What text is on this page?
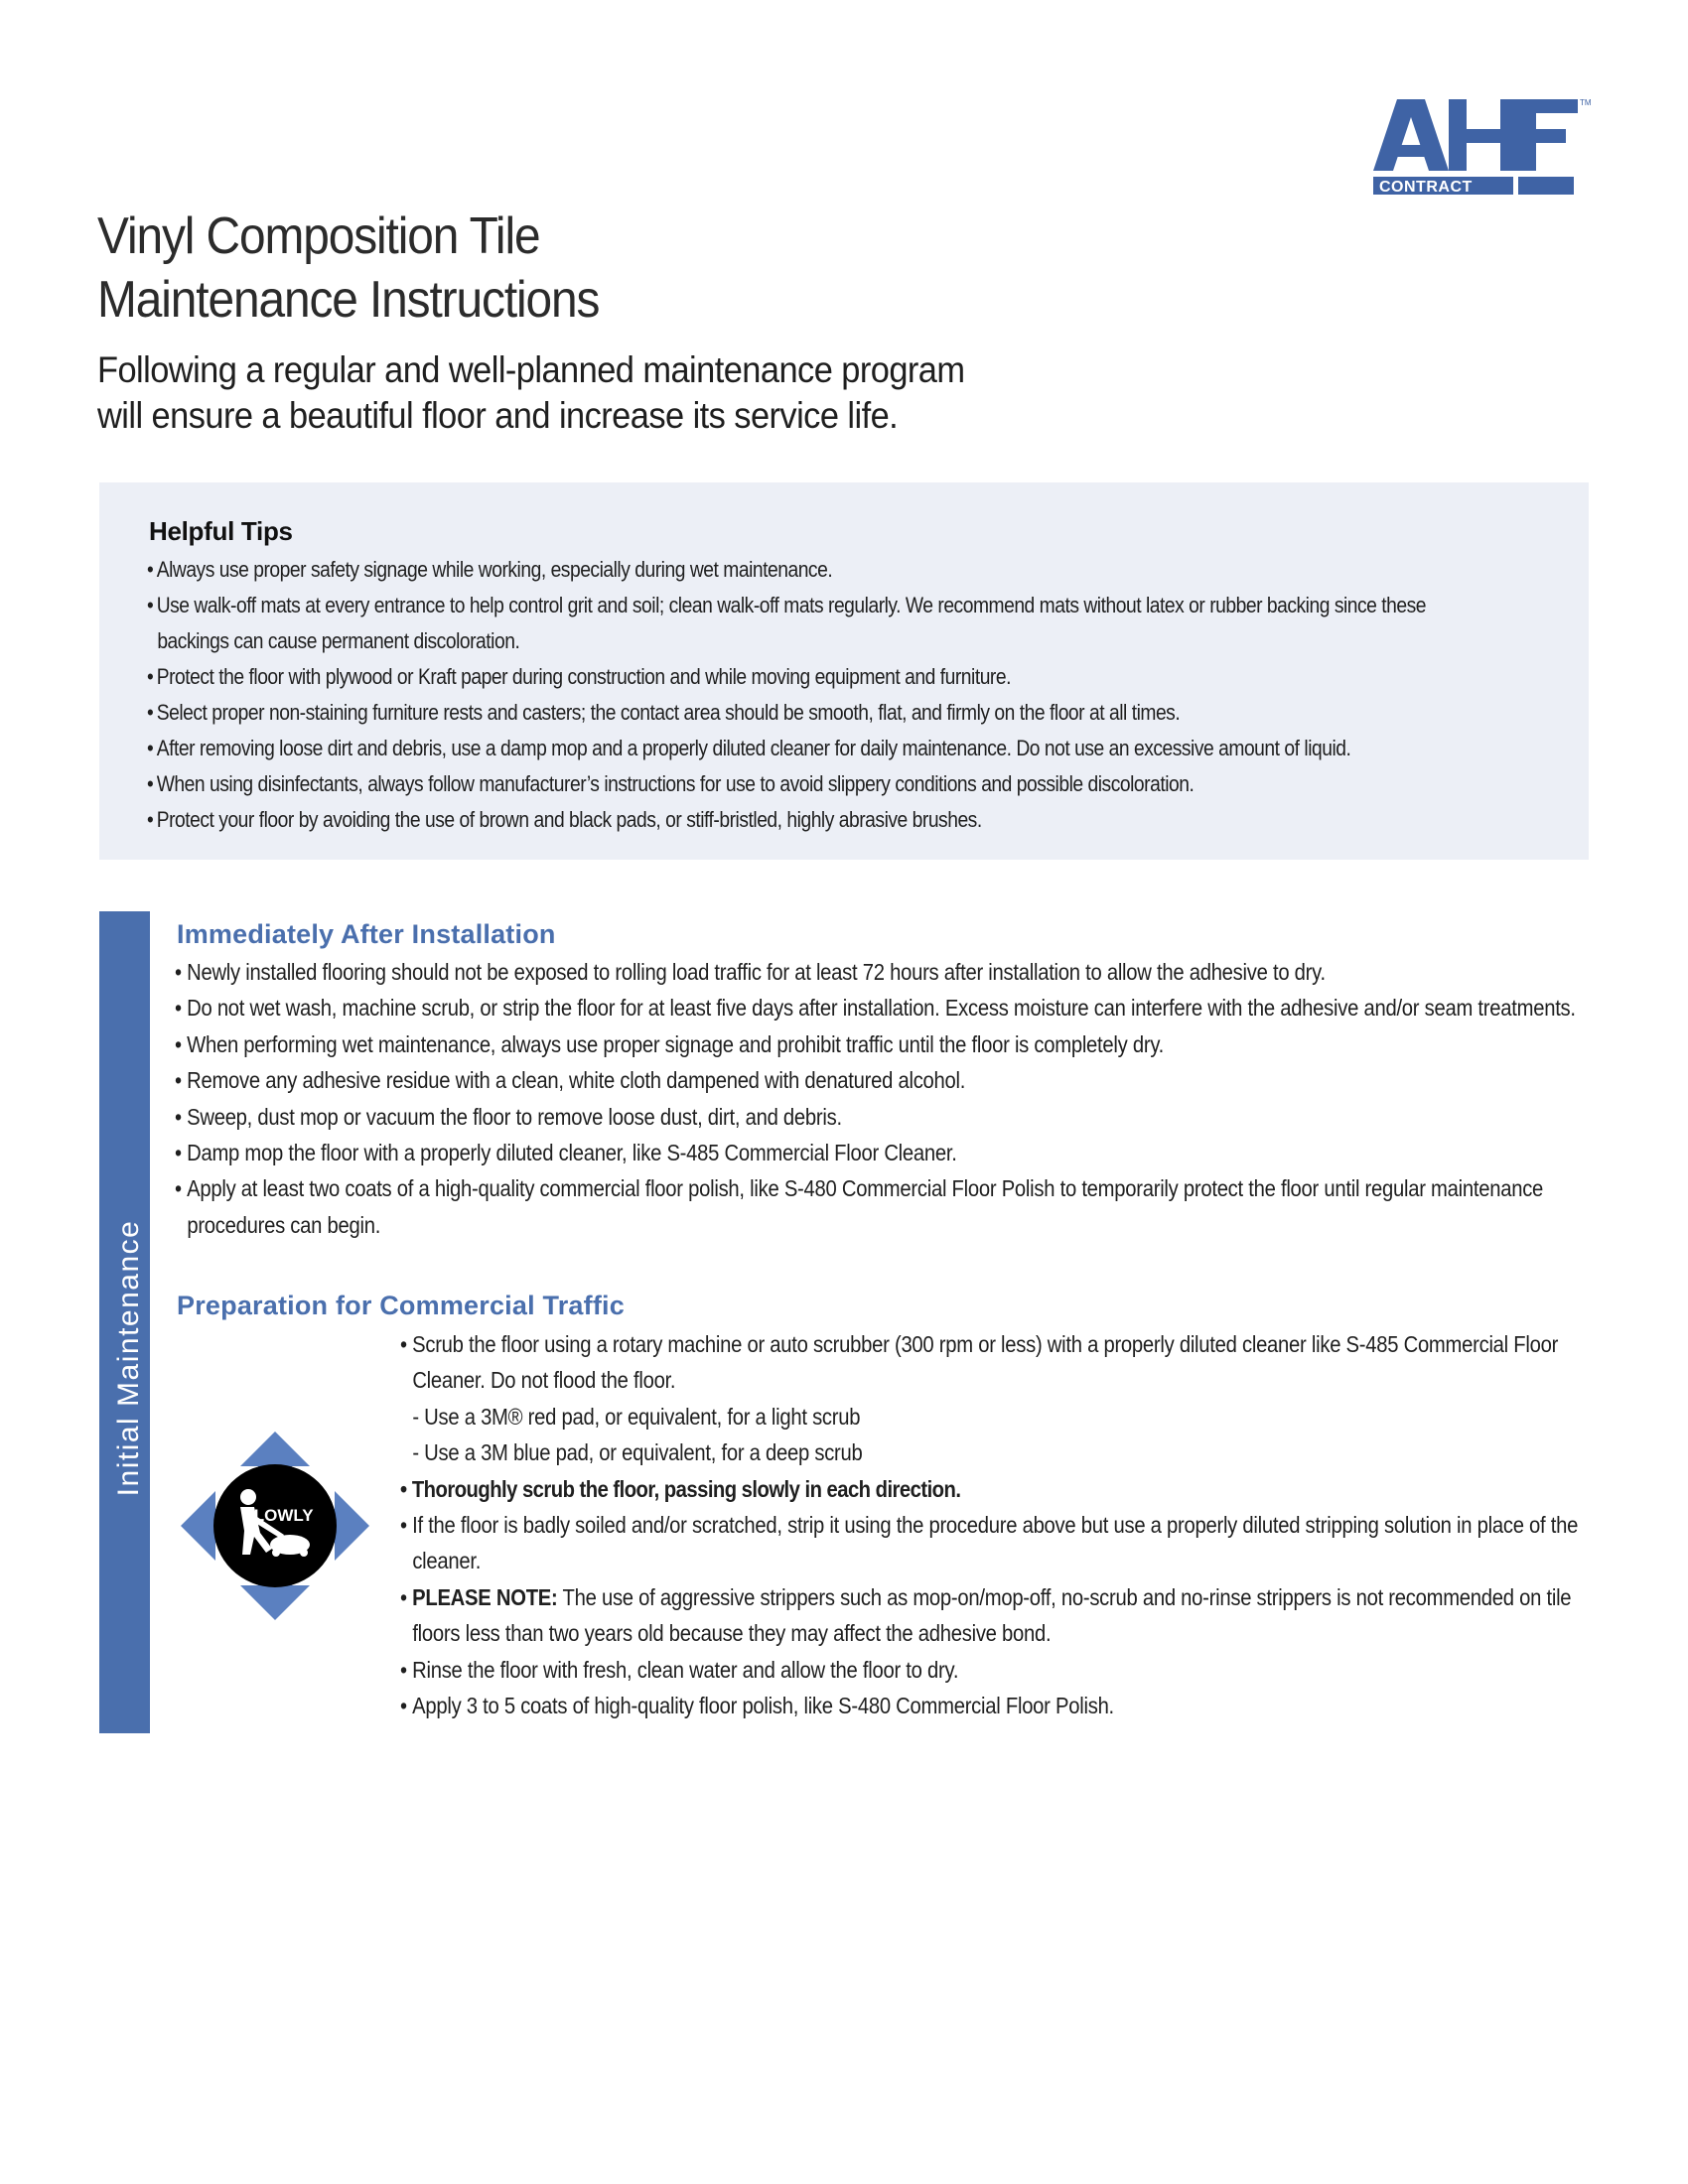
CONTRACT
TM
Vinyl Composition Tile
Maintenance Instructions
Following a regular and well-planned maintenance program
will ensure a beautiful floor and increase its service life.
Helpful Tips
• Always use proper safety signage while working, especially during wet maintenance.
• Use walk-off mats at every entrance to help control grit and soil; clean walk-off mats regularly. We recommend mats without latex or rubber backing since these backings can cause permanent discoloration.
• Protect the floor with plywood or Kraft paper during construction and while moving equipment and furniture.
• Select proper non-staining furniture rests and casters; the contact area should be smooth, flat, and firmly on the floor at all times.
• After removing loose dirt and debris, use a damp mop and a properly diluted cleaner for daily maintenance. Do not use an excessive amount of liquid.
• When using disinfectants, always follow manufacturer’s instructions for use to avoid slippery conditions and possible discoloration.
• Protect your floor by avoiding the use of brown and black pads, or stiff-bristled, highly abrasive brushes.
Initial Maintenance
Immediately After Installation
• Newly installed flooring should not be exposed to rolling load traffic for at least 72 hours after installation to allow the adhesive to dry.
• Do not wet wash, machine scrub, or strip the floor for at least five days after installation. Excess moisture can interfere with the adhesive and/or seam treatments.
• When performing wet maintenance, always use proper signage and prohibit traffic until the floor is completely dry.
• Remove any adhesive residue with a clean, white cloth dampened with denatured alcohol.
• Sweep, dust mop or vacuum the floor to remove loose dust, dirt, and debris.
• Damp mop the floor with a properly diluted cleaner, like S-485 Commercial Floor Cleaner.
• Apply at least two coats of a high-quality commercial floor polish, like S-480 Commercial Floor Polish to temporarily protect the floor until regular maintenance procedures can begin.
Preparation for Commercial Traffic
SLOWLY
• Scrub the floor using a rotary machine or auto scrubber (300 rpm or less) with a properly diluted cleaner like S-485 Commercial Floor Cleaner. Do not flood the floor.
- Use a 3M® red pad, or equivalent, for a light scrub
- Use a 3M blue pad, or equivalent, for a deep scrub
• Thoroughly scrub the floor, passing slowly in each direction.
• If the floor is badly soiled and/or scratched, strip it using the procedure above but use a properly diluted stripping solution in place of the cleaner.
• PLEASE NOTE: The use of aggressive strippers such as mop-on/mop-off, no-scrub and no-rinse strippers is not recommended on tile floors less than two years old because they may affect the adhesive bond.
• Rinse the floor with fresh, clean water and allow the floor to dry.
• Apply 3 to 5 coats of high-quality floor polish, like S-480 Commercial Floor Polish.
